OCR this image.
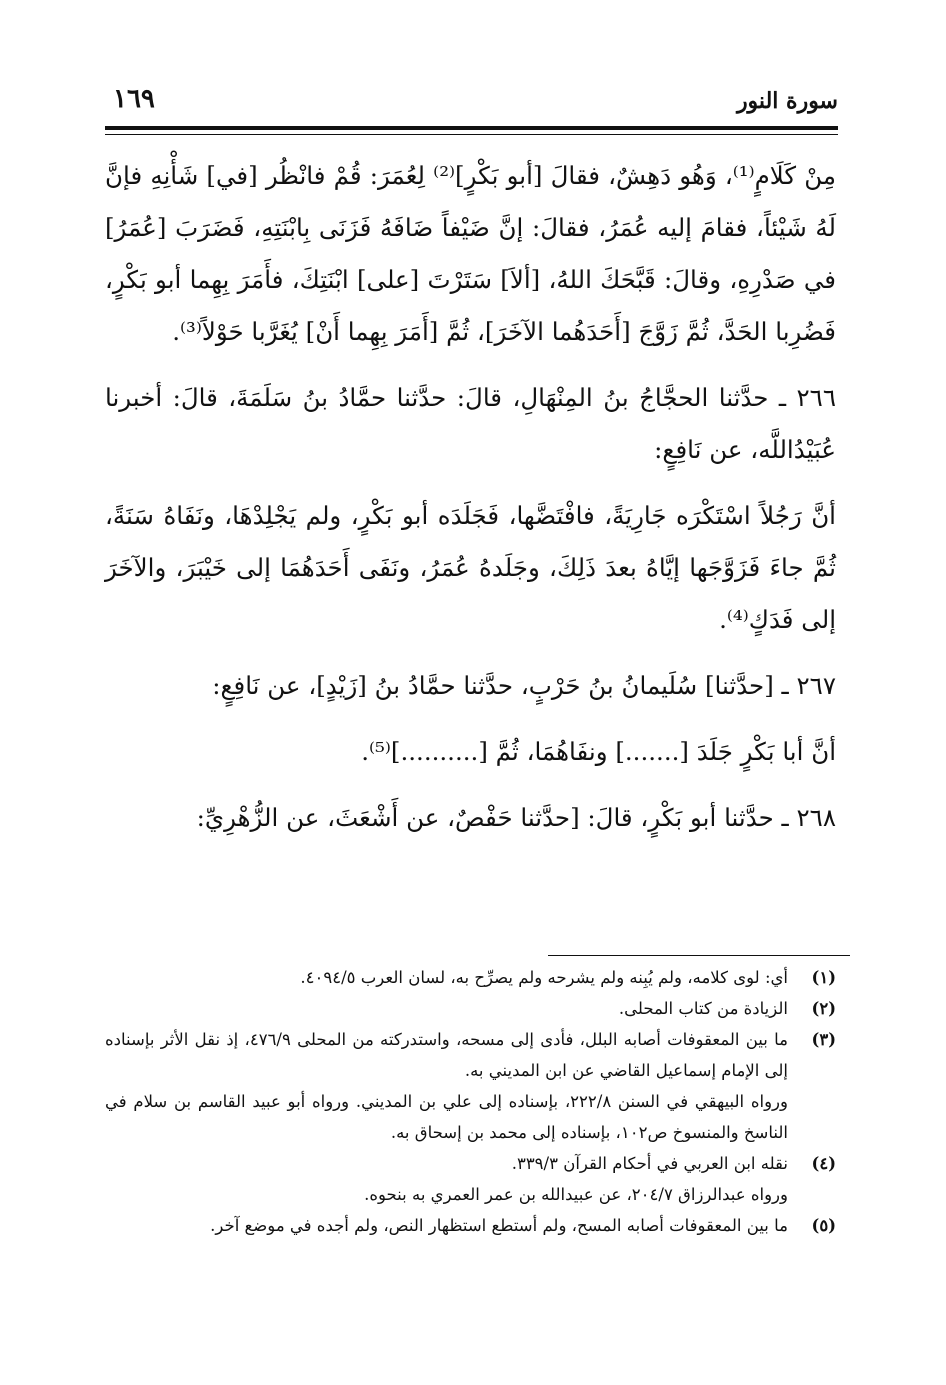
سورة النور
١٦٩

مِنْ كَلَامٍ⁽¹⁾، وَهُو دَهِشٌ، فقالَ [أبو بَكْرٍ]⁽²⁾ لِعُمَرَ: قُمْ فانْظُر [في] شَأْنِهِ فإنَّ لَهُ شَيْئاً، فقامَ إليه عُمَرُ، فقالَ: إنَّ ضَيْفاً ضَافَهُ فَزَنَى بِابْنَتِهِ، فَضَرَبَ [عُمَرُ] في صَدْرِهِ، وقالَ: قَبَّحَكَ اللهُ، [ألاَ] سَتَرْتَ [على] ابْنَتِكَ، فأَمَرَ بِهِما أبو بَكْرٍ، فَضُرِبا الحَدَّ، ثُمَّ زَوَّجَ [أَحَدَهُما الآخَرَ]، ثُمَّ [أَمَرَ بِهِما أَنْ] يُغَرَّبا حَوْلاً⁽³⁾.

٢٦٦ ـ حدَّثنا الحجَّاجُ بنُ المِنْهَالِ، قالَ: حدَّثنا حمَّادُ بنُ سَلَمَةَ، قالَ: أخبرنا عُبَيْدُاللَّه، عن نَافِعٍ:

أنَّ رَجُلاً اسْتَكْرَه جَارِيَةً، فافْتَضَّها، فَجَلَدَه أبو بَكْرٍ، ولم يَجْلِدْهَا، ونَفَاهُ سَنَةً، ثُمَّ جاءَ فَزَوَّجَها إيَّاهُ بعدَ ذَلِكَ، وجَلَدهُ عُمَرُ، ونَفَى أَحَدَهُمَا إلى خَيْبَرَ، والآخَرَ إلى فَدَكٍ⁽⁴⁾.

٢٦٧ ـ [حدَّثنا] سُلَيمانُ بنُ حَرْبٍ، حدَّثنا حمَّادُ بنُ [زَيْدٍ]، عن نَافِعٍ:

أنَّ أبا بَكْرٍ جَلَدَ [.......] ونفَاهُمَا، ثُمَّ [..........]⁽⁵⁾.

٢٦٨ ـ حدَّثنا أبو بَكْرٍ، قالَ: [حدَّثنا حَفْصٌ، عن أَشْعَثَ، عن الزُّهْرِيِّ:

(١)
أي: لوى كلامه، ولم يُبِنه ولم يشرحه ولم يصرِّح به، لسان العرب ٤٠٩٤/٥.
(٢)
الزيادة من كتاب المحلى.
(٣)
ما بين المعقوفات أصابه البلل، فأدى إلى مسحه، واستدركته من المحلى ٤٧٦/٩، إذ نقل الأثر بإسناده إلى الإمام إسماعيل القاضي عن ابن المديني به.
ورواه البيهقي في السنن ٢٢٢/٨، بإسناده إلى علي بن المديني. ورواه أبو عبيد القاسم بن سلام في الناسخ والمنسوخ ص١٠٢، بإسناده إلى محمد بن إسحاق به.
(٤)
نقله ابن العربي في أحكام القرآن ٣٣٩/٣.
ورواه عبدالرزاق ٢٠٤/٧، عن عبيدالله بن عمر العمري به بنحوه.
(٥)
ما بين المعقوفات أصابه المسح، ولم أستطع استظهار النص، ولم أجده في موضع آخر.
